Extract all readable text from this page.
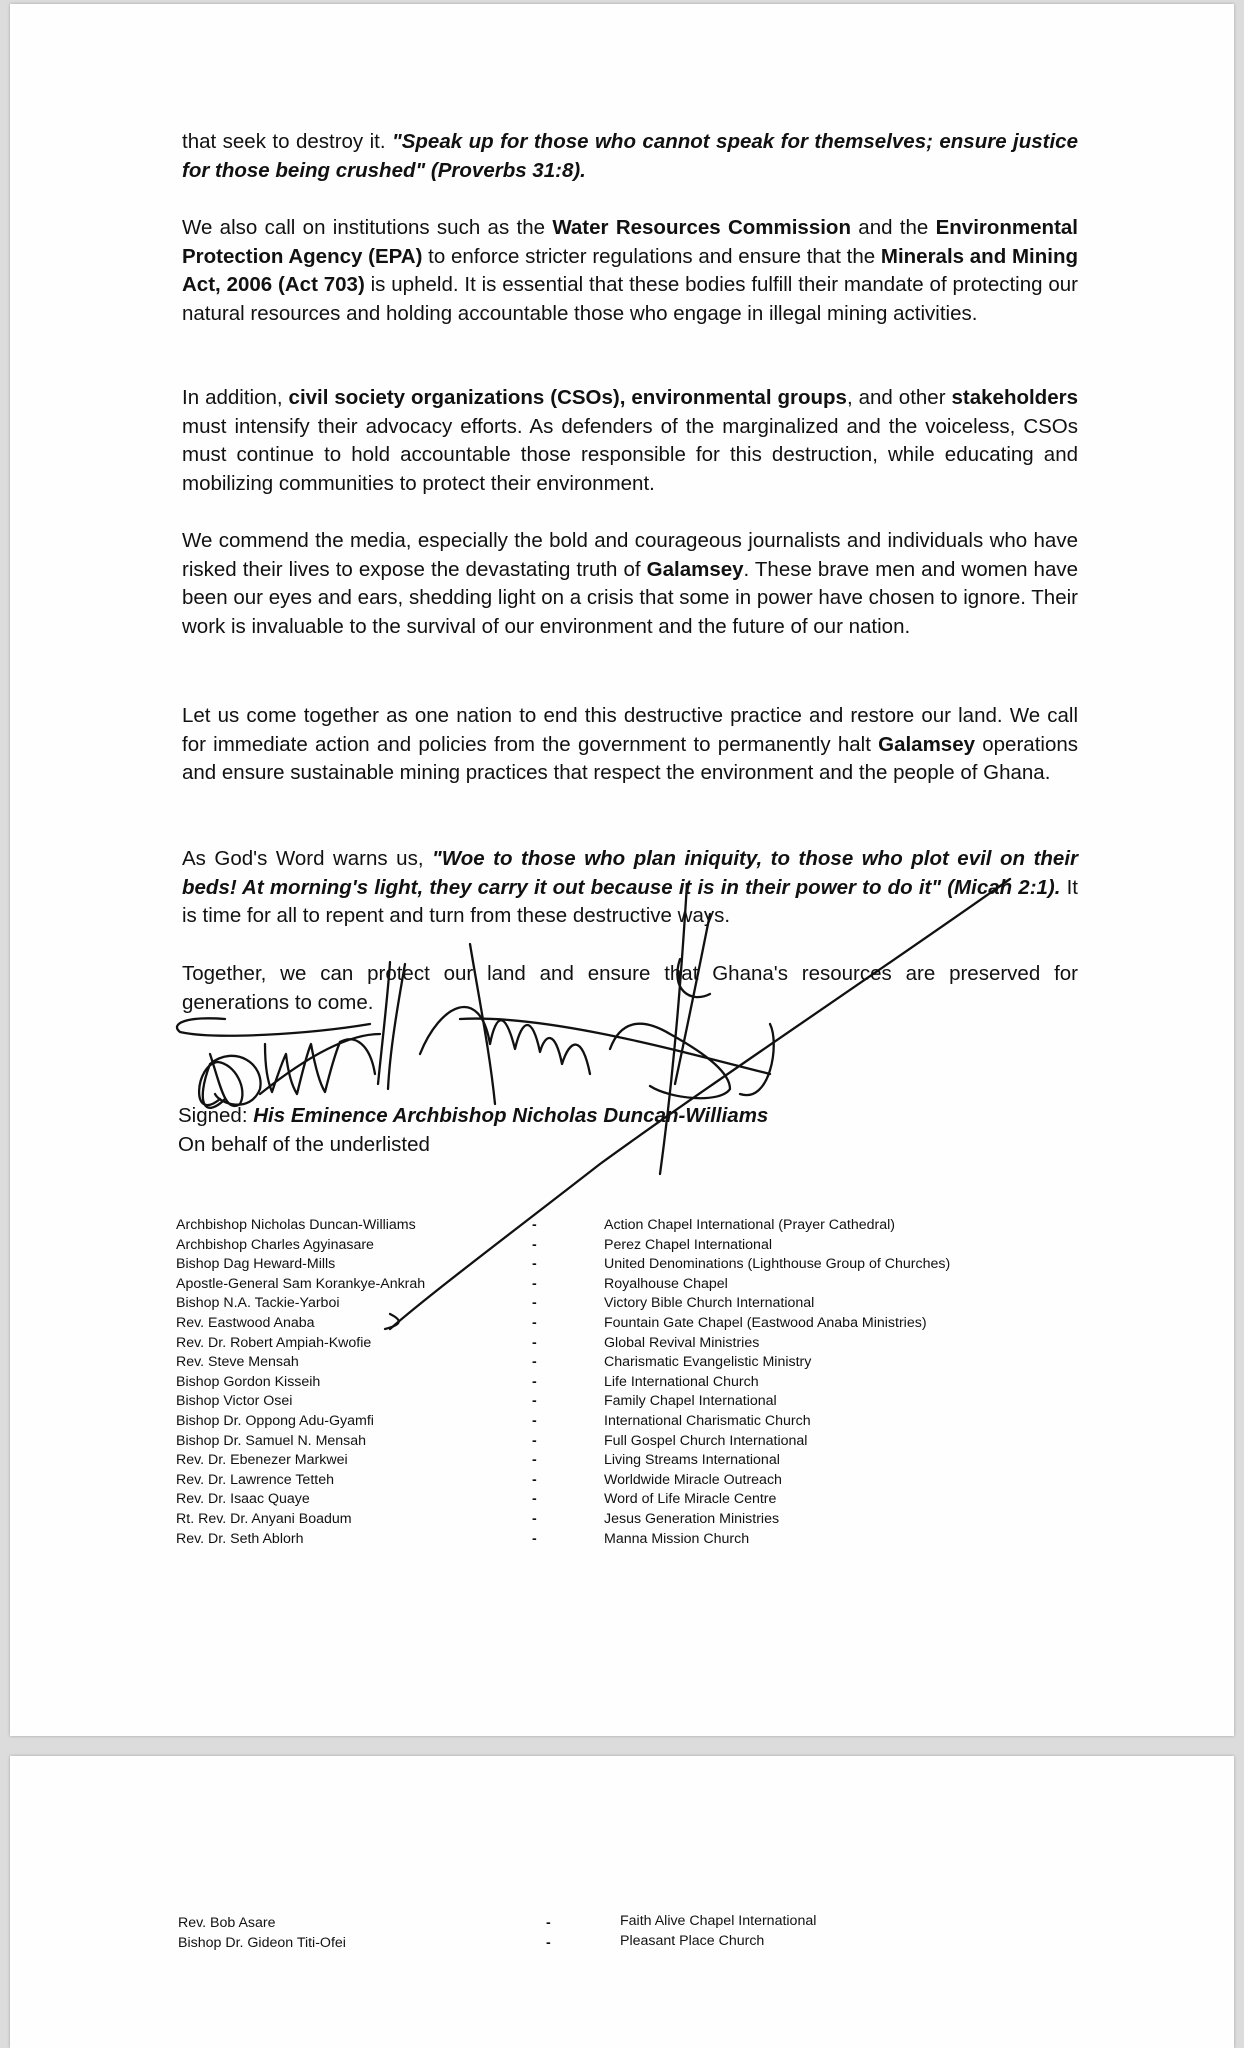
that seek to destroy it. "Speak up for those who cannot speak for themselves; ensure justice for those being crushed" (Proverbs 31:8).

We also call on institutions such as the Water Resources Commission and the Environmental Protection Agency (EPA) to enforce stricter regulations and ensure that the Minerals and Mining Act, 2006 (Act 703) is upheld. It is essential that these bodies fulfill their mandate of protecting our natural resources and holding accountable those who engage in illegal mining activities.

In addition, civil society organizations (CSOs), environmental groups, and other stakeholders must intensify their advocacy efforts. As defenders of the marginalized and the voiceless, CSOs must continue to hold accountable those responsible for this destruction, while educating and mobilizing communities to protect their environment.

We commend the media, especially the bold and courageous journalists and individuals who have risked their lives to expose the devastating truth of Galamsey. These brave men and women have been our eyes and ears, shedding light on a crisis that some in power have chosen to ignore. Their work is invaluable to the survival of our environment and the future of our nation.

Let us come together as one nation to end this destructive practice and restore our land. We call for immediate action and policies from the government to permanently halt Galamsey operations and ensure sustainable mining practices that respect the environment and the people of Ghana.

As God's Word warns us, "Woe to those who plan iniquity, to those who plot evil on their beds! At morning's light, they carry it out because it is in their power to do it" (Micah 2:1). It is time for all to repent and turn from these destructive ways.

Together, we can protect our land and ensure that Ghana's resources are preserved for generations to come.

Signed: His Eminence Archbishop Nicholas Duncan-Williams
On behalf of the underlisted
Archbishop Nicholas Duncan-Williams
Archbishop Charles Agyinasare
Bishop Dag Heward-Mills
Apostle-General Sam Korankye-Ankrah
Bishop N.A. Tackie-Yarboi
Rev. Eastwood Anaba
Rev. Dr. Robert Ampiah-Kwofie
Rev. Steve Mensah
Bishop Gordon Kisseih
Bishop Victor Osei
Bishop Dr. Oppong Adu-Gyamfi
Bishop Dr. Samuel N. Mensah
Rev. Dr. Ebenezer Markwei
Rev. Dr. Lawrence Tetteh
Rev. Dr. Isaac Quaye
Rt. Rev. Dr. Anyani Boadum
Rev. Dr. Seth Ablorh
-
-
-
-
-
-
-
-
-
-
-
-
-
-
-
-
-
Action Chapel International (Prayer Cathedral)
Perez Chapel International
United Denominations (Lighthouse Group of Churches)
Royalhouse Chapel
Victory Bible Church International
Fountain Gate Chapel (Eastwood Anaba Ministries)
Global Revival Ministries
Charismatic Evangelistic Ministry
Life International Church
Family Chapel International
International Charismatic Church
Full Gospel Church International
Living Streams International
Worldwide Miracle Outreach
Word of Life Miracle Centre
Jesus Generation Ministries
Manna Mission Church
Rev. Bob Asare
Bishop Dr. Gideon Titi-Ofei
-
-
Faith Alive Chapel International
Pleasant Place Church
